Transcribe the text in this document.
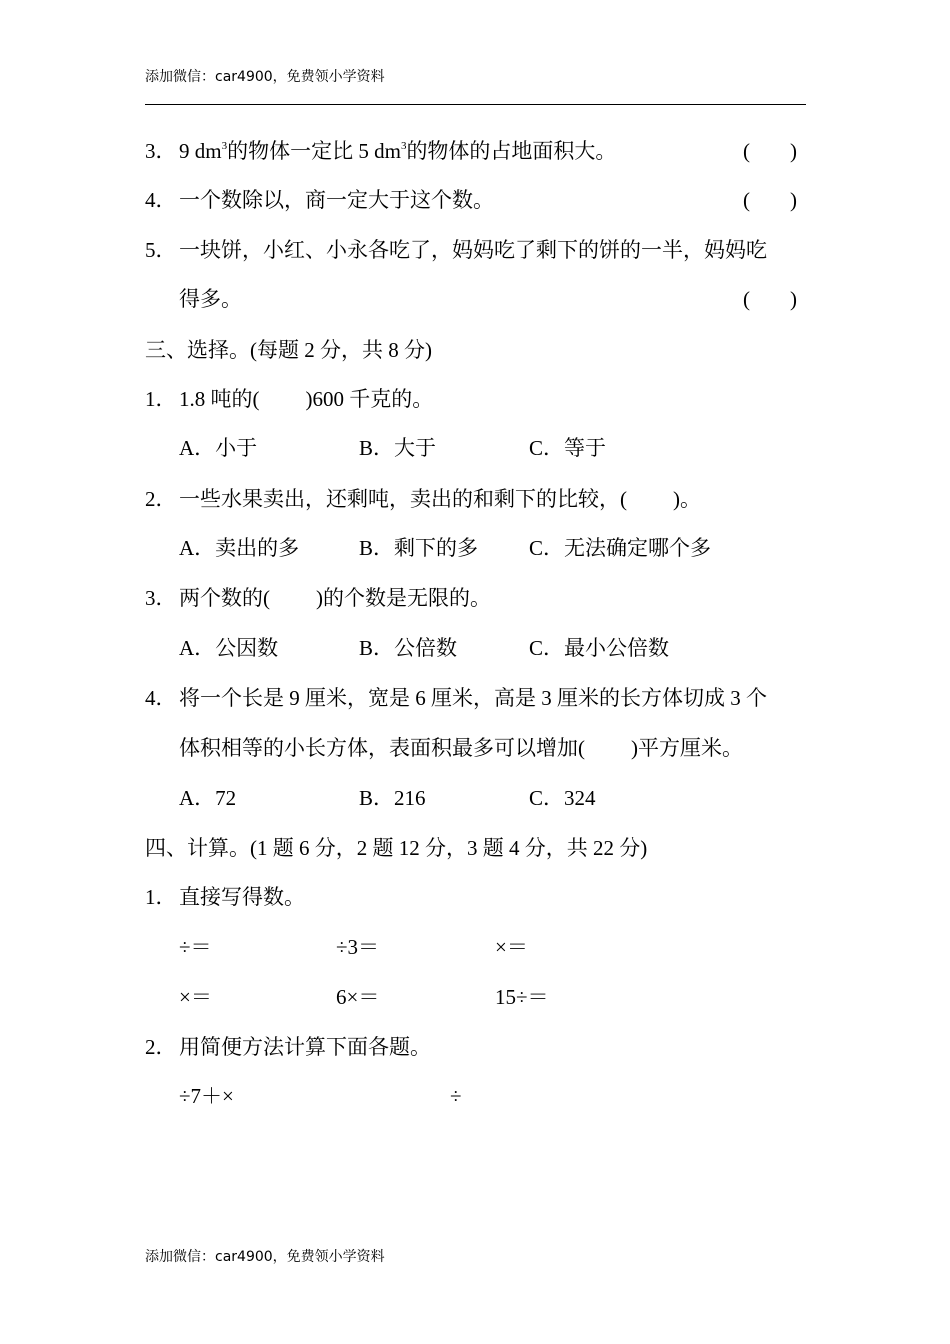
添加微信：car4900，免费领小学资料
3． 9 $dm^3$的物体一定比 5 $dm^3$的物体的占地面积大。	( )
4． 一个数除以，商一定大于这个数。	( )
5． 一块饼，小红、小永各吃了，妈妈吃了剩下的饼的一半，妈妈吃
得多。	( )
三、选择。(每题 2 分，共 8 分)
1． 1.8 吨的( )600 千克的。
A．小于	B．大于	C．等于
2． 一些水果卖出，还剩吨，卖出的和剩下的比较，( )。
A．卖出的多	B．剩下的多 C．无法确定哪个多
3． 两个数的( )的个数是无限的。
A．公因数	B．公倍数	C．最小公倍数
4． 将一个长是 9 厘米，宽是 6 厘米，高是 3 厘米的长方体切成 3 个
体积相等的小长方体，表面积最多可以增加( )平方厘米。
A．72	B．216	C．324
四、计算。(1 题 6 分，2 题 12 分，3 题 4 分，共 22 分)
1． 直接写得数。
÷＝	÷3＝	×＝
×＝	6×＝	15÷＝
2． 用简便方法计算下面各题。
÷7＋×	÷
添加微信：car4900，免费领小学资料
